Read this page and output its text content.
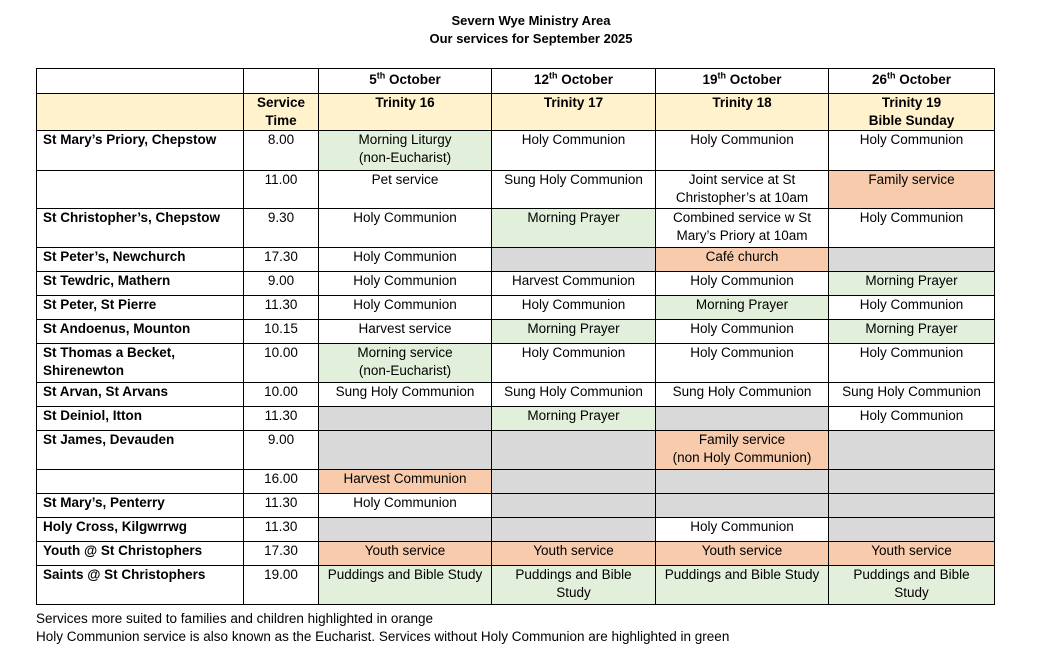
Severn Wye Ministry Area
Our services for September 2025
		5th October	12th October	19th October	26th October
	Service Time	Trinity 16	Trinity 17	Trinity 18	Trinity 19
Bible Sunday
St Mary’s Priory, Chepstow	8.00	Morning Liturgy
(non-Eucharist)	Holy Communion	Holy Communion	Holy Communion
	11.00	Pet service	Sung Holy Communion	Joint service at St
Christopher’s at 10am	Family service
St Christopher’s, Chepstow	9.30	Holy Communion	Morning Prayer	Combined service w St
Mary’s Priory at 10am	Holy Communion
St Peter’s, Newchurch	17.30	Holy Communion		Café church	
St Tewdric, Mathern	9.00	Holy Communion	Harvest Communion	Holy Communion	Morning Prayer
St Peter, St Pierre	11.30	Holy Communion	Holy Communion	Morning Prayer	Holy Communion
St Andoenus, Mounton	10.15	Harvest service	Morning Prayer	Holy Communion	Morning Prayer
St Thomas a Becket,
Shirenewton	10.00	Morning service
(non-Eucharist)	Holy Communion	Holy Communion	Holy Communion
St Arvan, St Arvans	10.00	Sung Holy Communion	Sung Holy Communion	Sung Holy Communion	Sung Holy Communion
St Deiniol, Itton	11.30		Morning Prayer		Holy Communion
St James, Devauden	9.00			Family service
(non Holy Communion)	
	16.00	Harvest Communion			
St Mary’s, Penterry	11.30	Holy Communion			
Holy Cross, Kilgwrrwg	11.30			Holy Communion	
Youth @ St Christophers	17.30	Youth service	Youth service	Youth service	Youth service
Saints @ St Christophers	19.00	Puddings and Bible Study	Puddings and Bible
Study	Puddings and Bible Study	Puddings and Bible
Study
Services more suited to families and children highlighted in orange
Holy Communion service is also known as the Eucharist. Services without Holy Communion are highlighted in green
